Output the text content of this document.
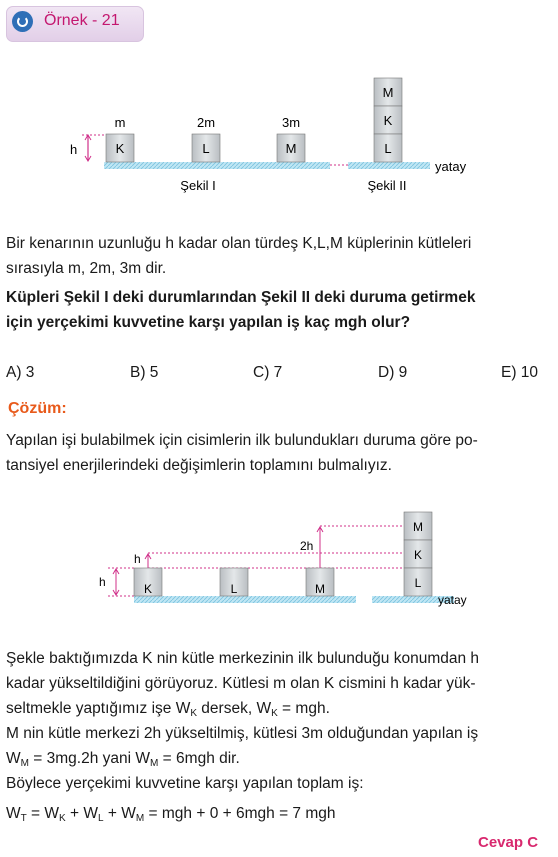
Örnek - 21
h	K
m
L
2m
M
3m
M
K
L
Şekil I	Şekil II
yatay
Bir kenarının uzunluğu h kadar olan türdeş K,L,M küplerinin kütleleri
sırasıyla m, 2m, 3m dir.
Küpleri Şekil I deki durumlarından Şekil II deki duruma getirmek
için yerçekimi kuvvetine karşı yapılan iş kaç mgh olur?
A) 3	B) 5	C) 7	D) 9	E) 10
Çözüm:
Yapılan işi bulabilmek için cisimlerin ilk bulundukları duruma göre po-
tansiyel enerjilerindeki değişimlerin toplamını bulmalıyız.
yatay
h
h
2h
K	L	M
M
K
L
Şekle baktığımızda K nin kütle merkezinin ilk bulunduğu konumdan h
kadar yükseltildiğini görüyoruz. Kütlesi m olan K cismini h kadar yük-
seltmekle yaptığımız işe $W_K$ dersek, $W_K$ = mgh.
M nin kütle merkezi 2h yükseltilmiş, kütlesi 3m olduğundan yapılan iş
$W_M = 3mg.2h$ yani $W_M = 6mgh$ dir.
Böylece yerçekimi kuvvetine karşı yapılan toplam iş:
$W_T = W_K + W_L + W_M$ = mgh + 0 + 6mgh = 7 mgh
Cevap C
